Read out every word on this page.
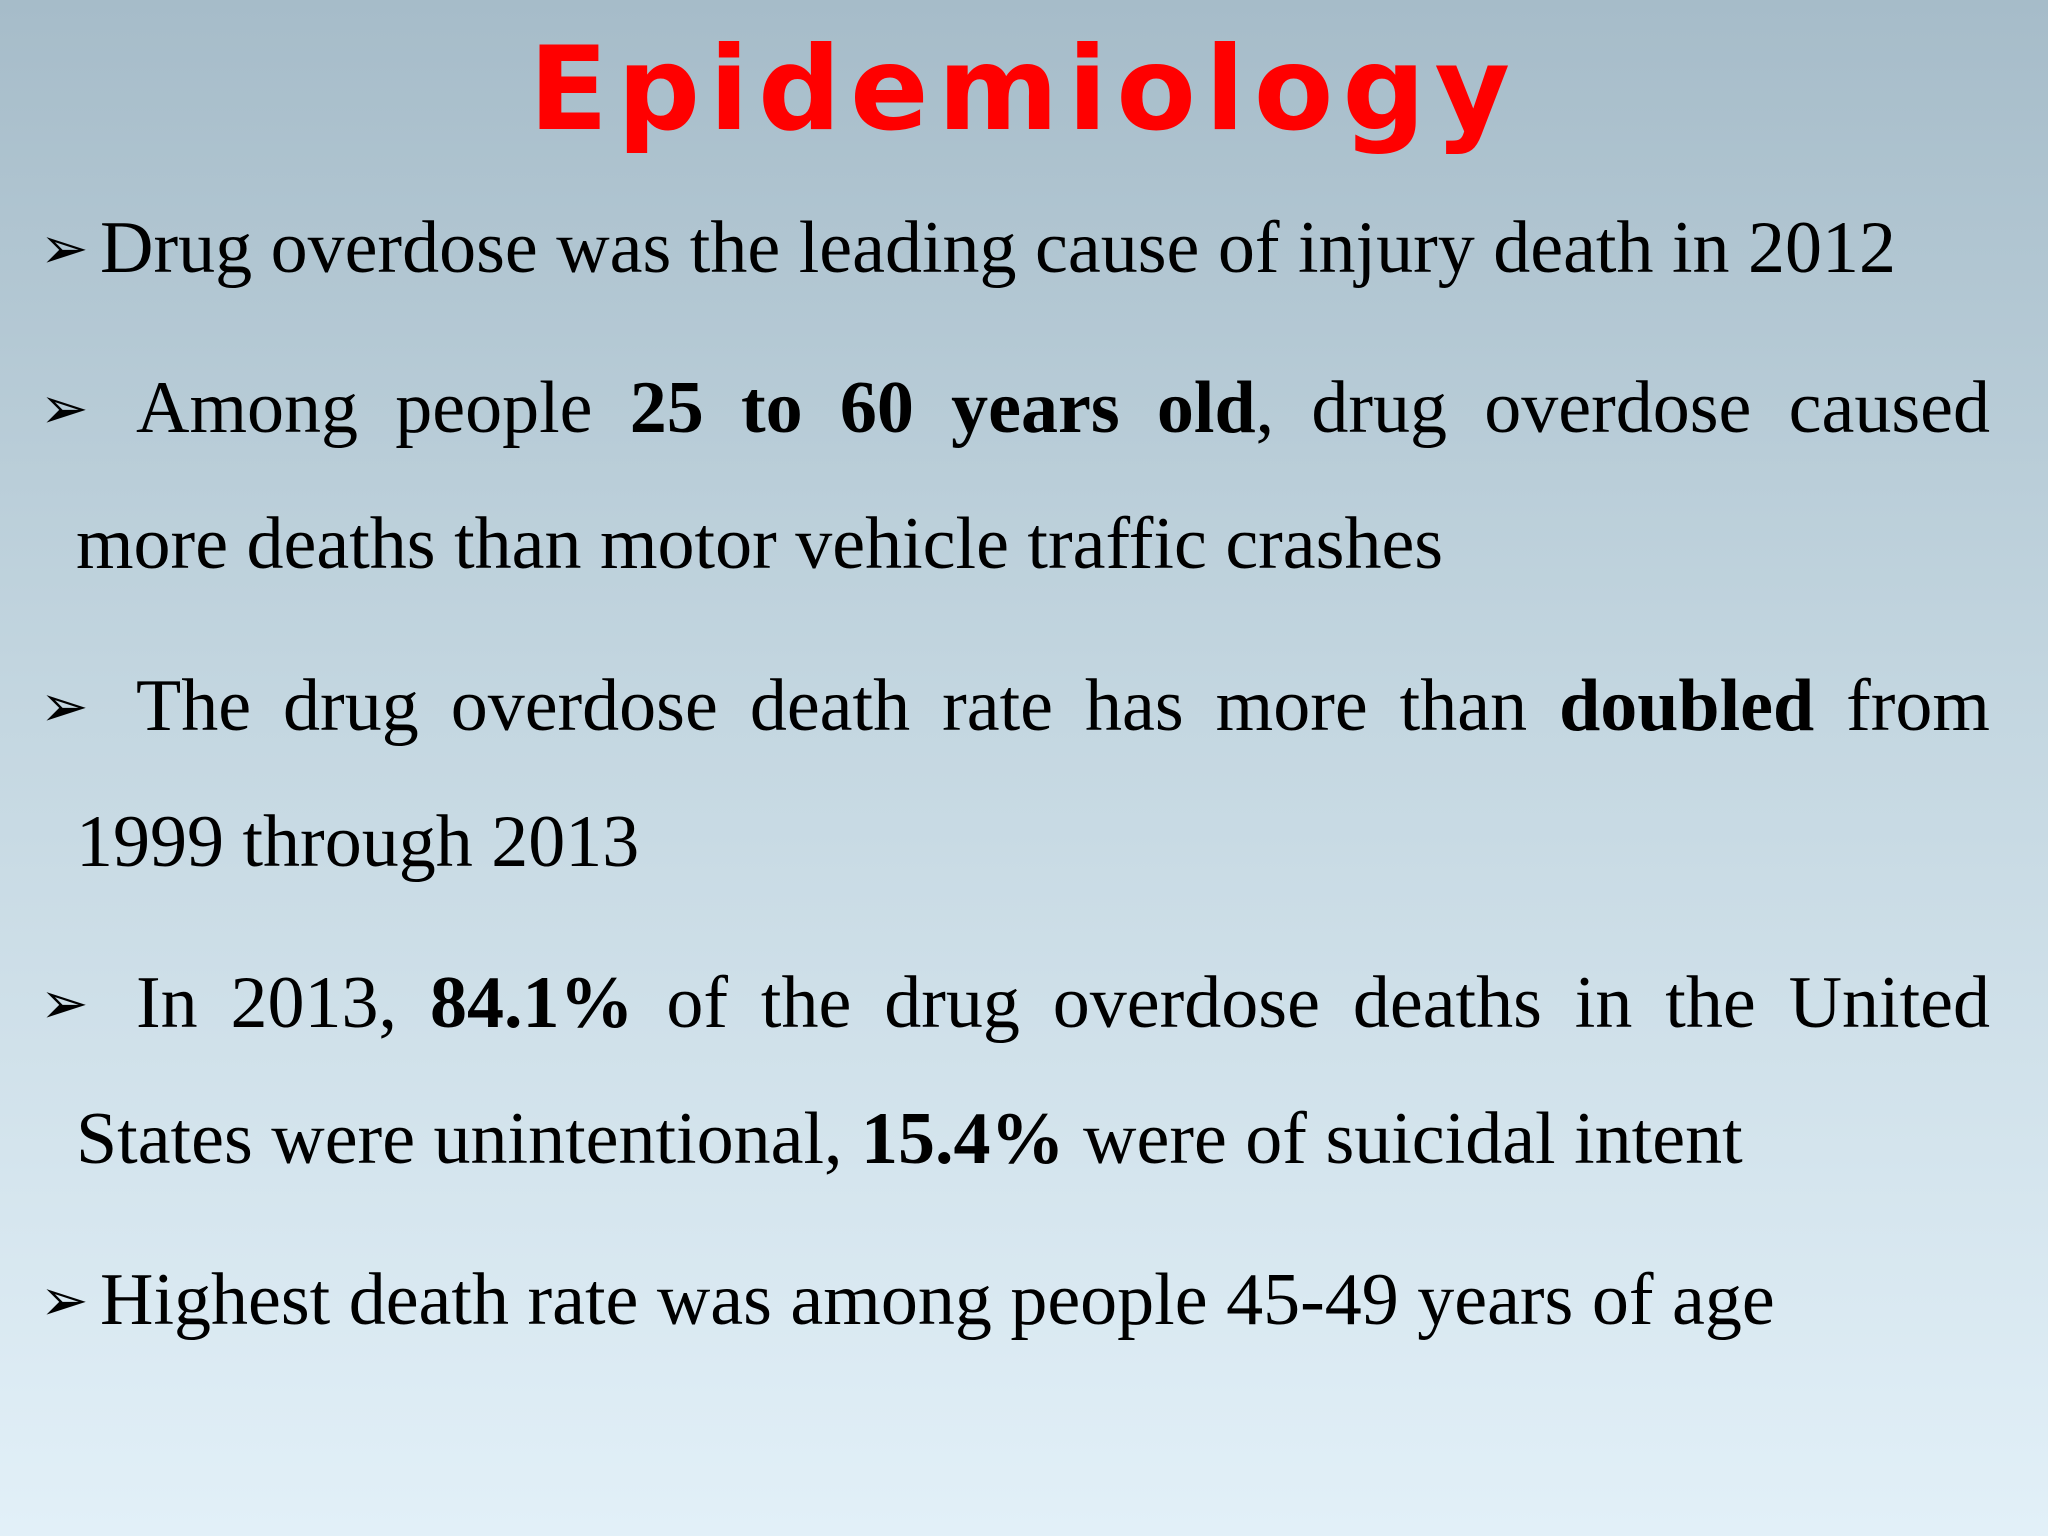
Epidemiology
➢ Drug overdose was the leading cause of injury death in 2012
➢ Among people 25 to 60 years old, drug overdose caused more deaths than motor vehicle traffic crashes
➢ The drug overdose death rate has more than doubled from 1999 through 2013
➢ In 2013, 84.1% of the drug overdose deaths in the United States were unintentional, 15.4% were of suicidal intent
➢ Highest death rate was among people 45-49 years of age
